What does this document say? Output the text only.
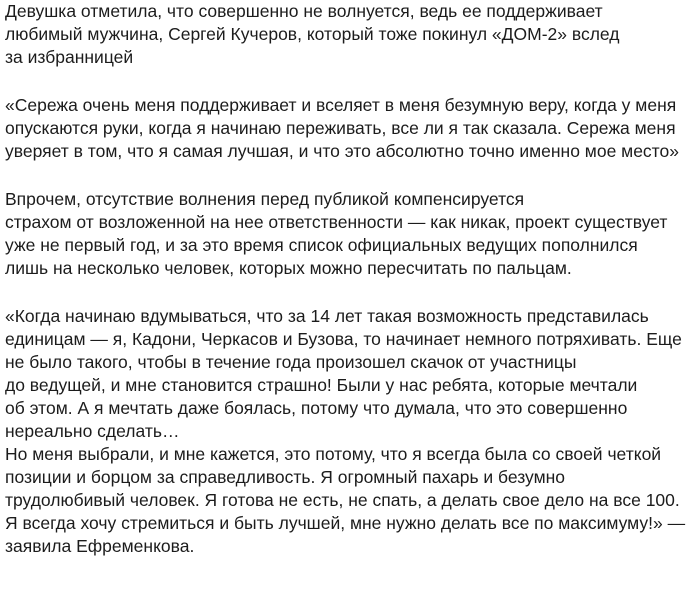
Девушка отметила, что совершенно не волнуется, ведь ее поддерживает
любимый мужчина, Сергей Кучеров, который тоже покинул «ДОМ-2» вслед
за избранницей
«Сережа очень меня поддерживает и вселяет в меня безумную веру, когда у меня
опускаются руки, когда я начинаю переживать, все ли я так сказала. Сережа меня
уверяет в том, что я самая лучшая, и что это абсолютно точно именно мое место»
Впрочем, отсутствие волнения перед публикой компенсируется
страхом от возложенной на нее ответственности — как никак, проект существует
уже не первый год, и за это время список официальных ведущих пополнился
лишь на несколько человек, которых можно пересчитать по пальцам.
«Когда начинаю вдумываться, что за 14 лет такая возможность представилась
единицам — я, Кадони, Черкасов и Бузова, то начинает немного потряхивать. Еще
не было такого, чтобы в течение года произошел скачок от участницы
до ведущей, и мне становится страшно! Были у нас ребята, которые мечтали
об этом. А я мечтать даже боялась, потому что думала, что это совершенно
нереально сделать…
Но меня выбрали, и мне кажется, это потому, что я всегда была со своей четкой
позиции и борцом за справедливость. Я огромный пахарь и безумно
трудолюбивый человек. Я готова не есть, не спать, а делать свое дело на все 100.
Я всегда хочу стремиться и быть лучшей, мне нужно делать все по максимуму!» —
заявила Ефременкова.
